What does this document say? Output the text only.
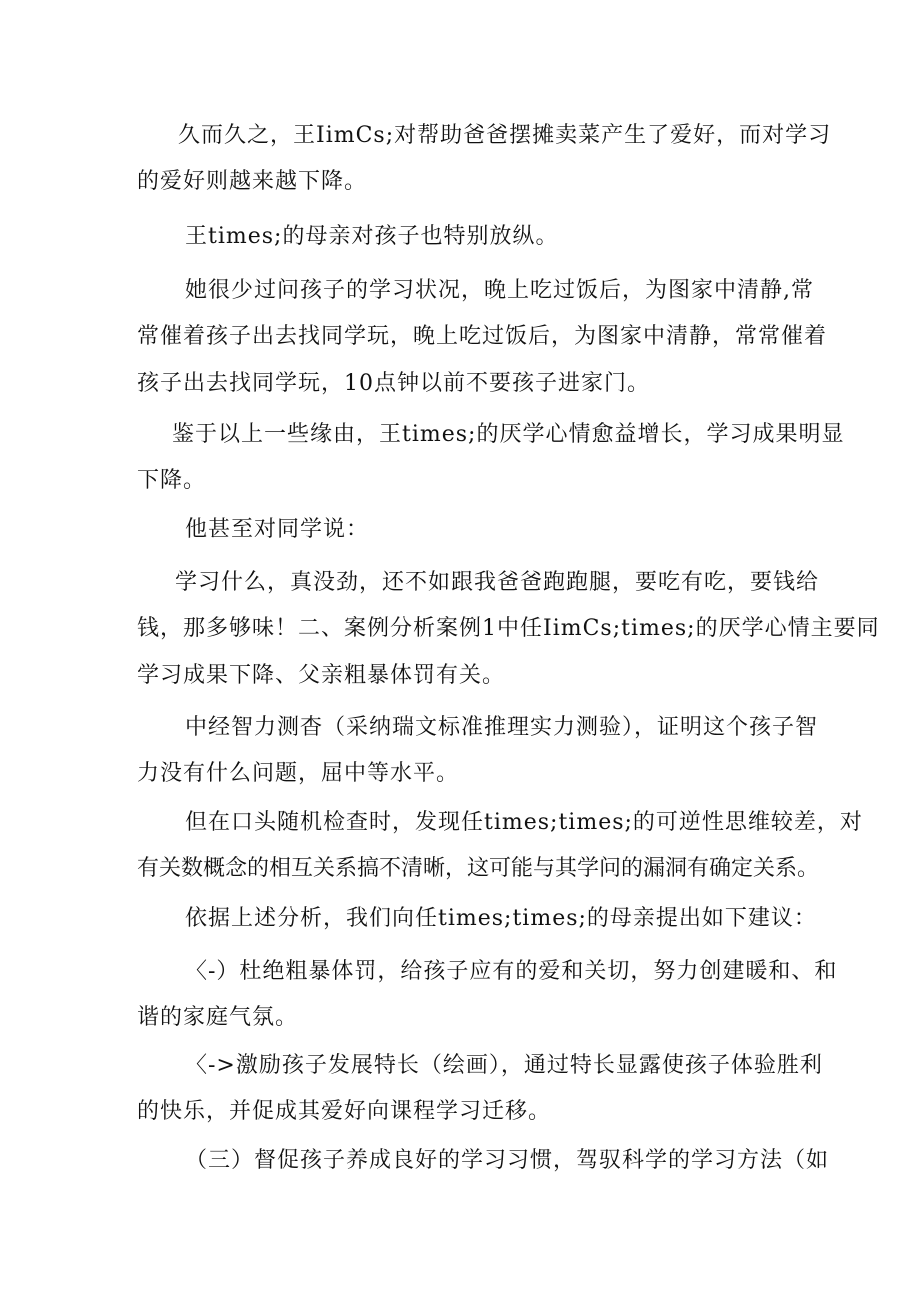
久而久之，王IimCs;对帮助爸爸摆摊卖菜产生了爱好，而对学习
的爱好则越来越下降。

王times;的母亲对孩子也特别放纵。

她很少过问孩子的学习状况，晚上吃过饭后，为图家中清静,常
常催着孩子出去找同学玩，晚上吃过饭后，为图家中清静，常常催着
孩子出去找同学玩，10点钟以前不要孩子进家门。

鉴于以上一些缘由，王times;的厌学心情愈益增长，学习成果明显
下降。

他甚至对同学说：

学习什么，真没劲，还不如跟我爸爸跑跑腿，要吃有吃，要钱给
钱，那多够味！二、案例分析案例1中任IimCs;times;的厌学心情主要同
学习成果下降、父亲粗暴体罚有关。

中经智力测杳（采纳瑞文标准推理实力测验），证明这个孩子智
力没有什么问题，屈中等水平。

但在口头随机检查时，发现任times;times;的可逆性思维较差，对
有关数概念的相互关系搞不清晰，这可能与其学问的漏洞有确定关系。

依据上述分析，我们向任times;times;的母亲提出如下建议：

〈-）杜绝粗暴体罚，给孩子应有的爱和关切，努力创建暖和、和
谐的家庭气氛。

〈->激励孩子发展特长（绘画），通过特长显露使孩子体验胜利
的快乐，并促成其爱好向课程学习迁移。

（三）督促孩子养成良好的学习习惯，驾驭科学的学习方法（如
